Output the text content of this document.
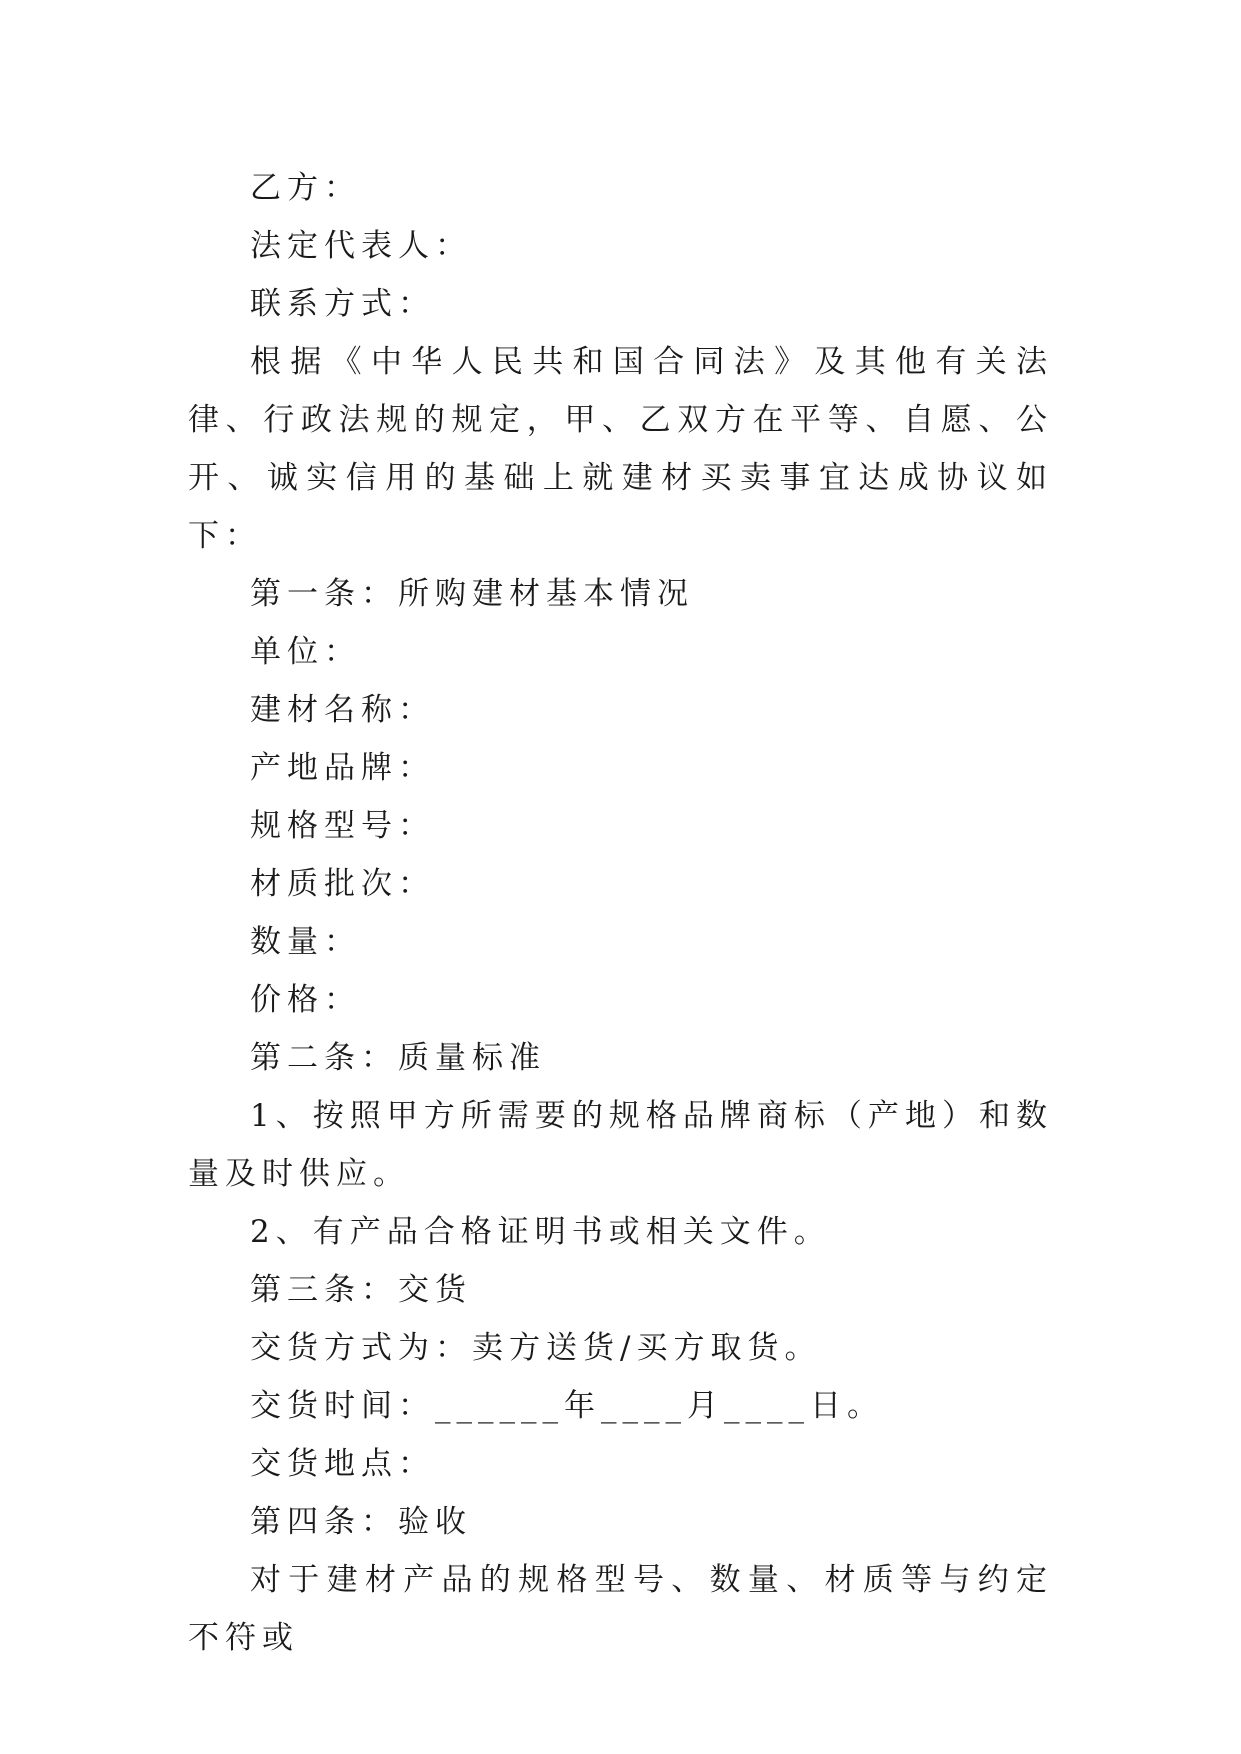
乙方：

法定代表人：

联系方式：

根据《中华人民共和国合同法》及其他有关法律、行政法规的规定，甲、乙双方在平等、自愿、公开、诚实信用的基础上就建材买卖事宜达成协议如下：

第一条：所购建材基本情况

单位：

建材名称：

产地品牌：

规格型号：

材质批次：

数量：

价格：

第二条：质量标准

1、按照甲方所需要的规格品牌商标（产地）和数量及时供应。

2、有产品合格证明书或相关文件。

第三条：交货

交货方式为：卖方送货/买方取货。

交货时间：______年____月____日。

交货地点：

第四条：验收

对于建材产品的规格型号、数量、材质等与约定不符或
